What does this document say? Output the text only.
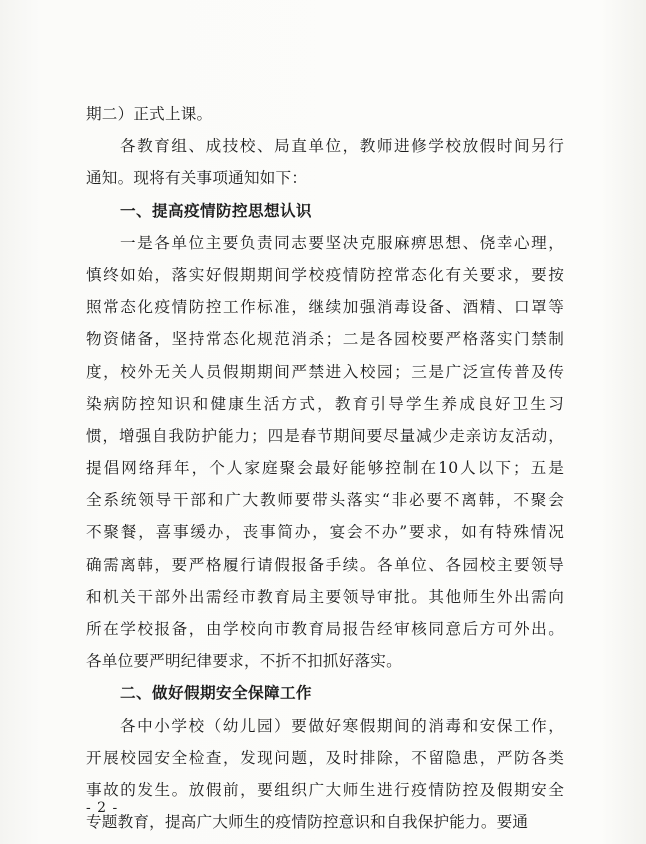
期二）正式上课。
各教育组、成技校、局直单位，教师进修学校放假时间另行
通知。现将有关事项通知如下：
一、提高疫情防控思想认识
一是各单位主要负责同志要坚决克服麻痹思想、侥幸心理，
慎终如始，落实好假期期间学校疫情防控常态化有关要求，要按
照常态化疫情防控工作标准，继续加强消毒设备、酒精、口罩等
物资储备，坚持常态化规范消杀；二是各园校要严格落实门禁制
度，校外无关人员假期期间严禁进入校园；三是广泛宣传普及传
染病防控知识和健康生活方式，教育引导学生养成良好卫生习
惯，增强自我防护能力；四是春节期间要尽量减少走亲访友活动，
提倡网络拜年，个人家庭聚会最好能够控制在10人以下；五是
全系统领导干部和广大教师要带头落实“非必要不离韩，不聚会
不聚餐，喜事缓办，丧事简办，宴会不办”要求，如有特殊情况
确需离韩，要严格履行请假报备手续。各单位、各园校主要领导
和机关干部外出需经市教育局主要领导审批。其他师生外出需向
所在学校报备，由学校向市教育局报告经审核同意后方可外出。
各单位要严明纪律要求，不折不扣抓好落实。
二、做好假期安全保障工作
各中小学校（幼儿园）要做好寒假期间的消毒和安保工作，
开展校园安全检查，发现问题，及时排除，不留隐患，严防各类
事故的发生。放假前，要组织广大师生进行疫情防控及假期安全
专题教育，提高广大师生的疫情防控意识和自我保护能力。要通
- 2 -
